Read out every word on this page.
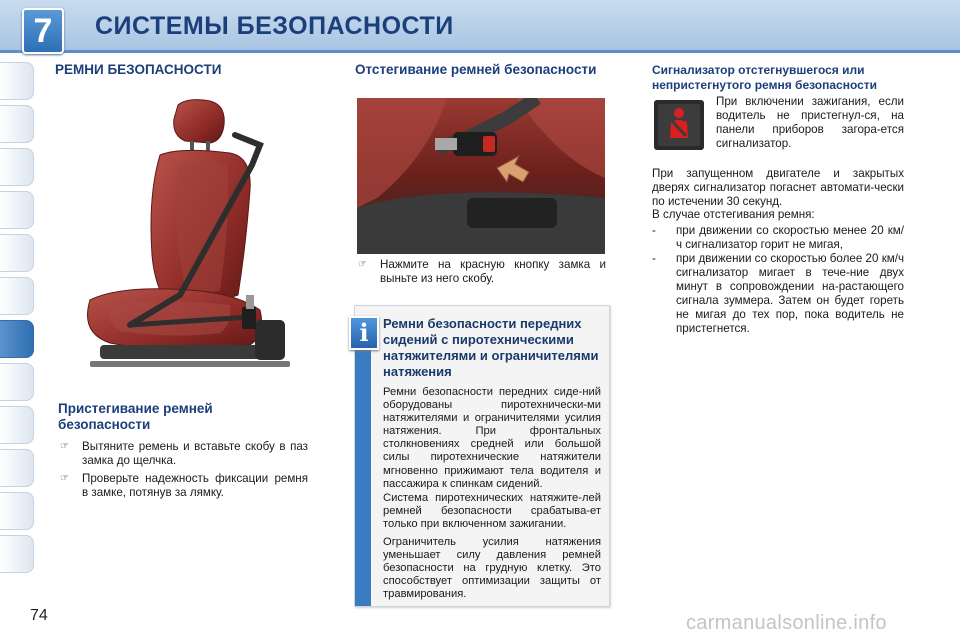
7	СИСТЕМЫ БЕЗОПАСНОСТИ
РЕМНИ БЕЗОПАСНОСТИ
Пристегивание ремней безопасности
☞ Вытяните ремень и вставьте скобу в паз замка до щелчка.
☞ Проверьте надежность фиксации ремня в замке, потянув за лямку.
Отстегивание ремней безопасности
☞ Нажмите на красную кнопку замка и выньте из него скобу.
i	Ремни безопасности передних сидений с пиротехническими натяжителями и ограничителями натяжения
Ремни безопасности передних сиде-ний оборудованы пиротехнически-ми натяжителями и ограничителями усилия натяжения. При фронтальных столкновениях средней или большой силы пиротехнические натяжители мгновенно прижимают тела водителя и пассажира к спинкам сидений.
Система пиротехнических натяжите-лей ремней безопасности срабатыва-ет только при включенном зажигании.
Ограничитель усилия натяжения уменьшает силу давления ремней безопасности на грудную клетку. Это способствует оптимизации защиты от травмирования.
Сигнализатор отстегнувшегося или непристегнутого ремня безопасности
При включении зажигания, если водитель не пристегнул-ся, на панели приборов загора-ется сигнализатор.
При запущенном двигателе и закрытых дверях сигнализатор погаснет автомати-чески по истечении 30 секунд.
В случае отстегивания ремня:
- при движении со скоростью менее 20 км/ч сигнализатор горит не мигая,
- при движении со скоростью более 20 км/ч сигнализатор мигает в тече-ние двух минут в сопровождении на-растающего сигнала зуммера. Затем он будет гореть не мигая до тех пор, пока водитель не пристегнется.
74	carmanualsonline.info
